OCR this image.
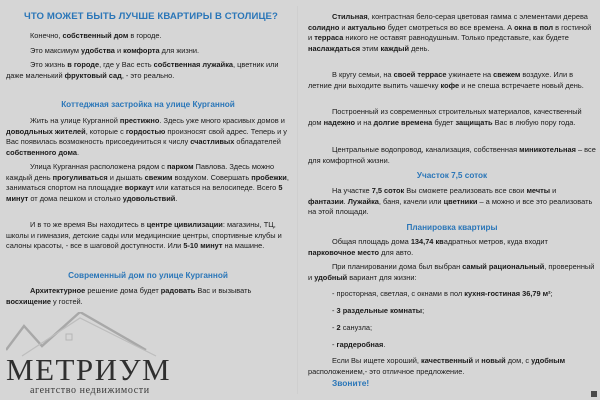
ЧТО МОЖЕТ БЫТЬ ЛУЧШЕ КВАРТИРЫ В СТОЛИЦЕ?

Конечно, собственный дом в городе.

Это максимум удобства и комфорта для жизни.

Это жизнь в городе, где у Вас есть собственная лужайка, цветник или даже маленький фруктовый сад, - это реально.

Коттеджная застройка на улице Курганной

Жить на улице Курганной престижно. Здесь уже много красивых домов и доводльных жителей, которые с гордостью произносят свой адрес. Теперь и у Вас появилась возможность присоединиться к числу счастливых обладателей собственного дома.

Улица Курганная расположена рядом с парком Павлова. Здесь можно каждый день прогуливаться и дышать свежим воздухом. Совершать пробежки, заниматься спортом на площадке воркаут или кататься на велосипеде. Всего 5 минут от дома пешком и столько удовольствий.

И в то же время Вы находитесь в центре цивилизации: магазины, ТЦ, школы и гимназия, детские сады или медицинские центры, спортивные клубы и салоны красоты, - все в шаговой доступности. Или 5-10 минут на машине.

Современный дом по улице Курганной

Архитектурное решение дома будет радовать Вас и вызывать восхищение у гостей.

МЕТРИУМ
агентство недвижимости

Стильная, контрастная бело-серая цветовая гамма с элементами дерева солидно и актуально будет смотреться во все времена. А окна в пол в гостиной и терраса никого не оставят равнодушным. Только представьте, как будете наслаждаться этим каждый день.

В кругу семьи, на своей террасе ужинаете на свежем воздухе. Или в летние дни выходите выпить чашечку кофе и не спеша встречаете новый день.

Построенный из современных строительных материалов, качественный дом надежно и на долгие времена будет защищать Вас в любую пору года.

Центральные водопровод, канализация, собственная миникотельная – все для комфортной жизни.

Участок 7,5 соток

На участке 7,5 соток Вы сможете реализовать все свои мечты и фантазии. Лужайка, баня, качели или цветники – а можно и все это реализовать на этой площади.

Планировка квартиры

Общая площадь дома 134,74 квадратных метров, куда входит парковочное место для авто.

При планировании дома был выбран самый рациональный, проверенный и удобный вариант для жизни:

- просторная, светлая, с окнами в пол кухня-гостиная 36,79 м²;

- 3 раздельные комнаты;

- 2 санузла;

- гардеробная.

Если Вы ищете хороший, качественный и новый дом, с удобным расположением,- это отличное предложение.

Звоните!
